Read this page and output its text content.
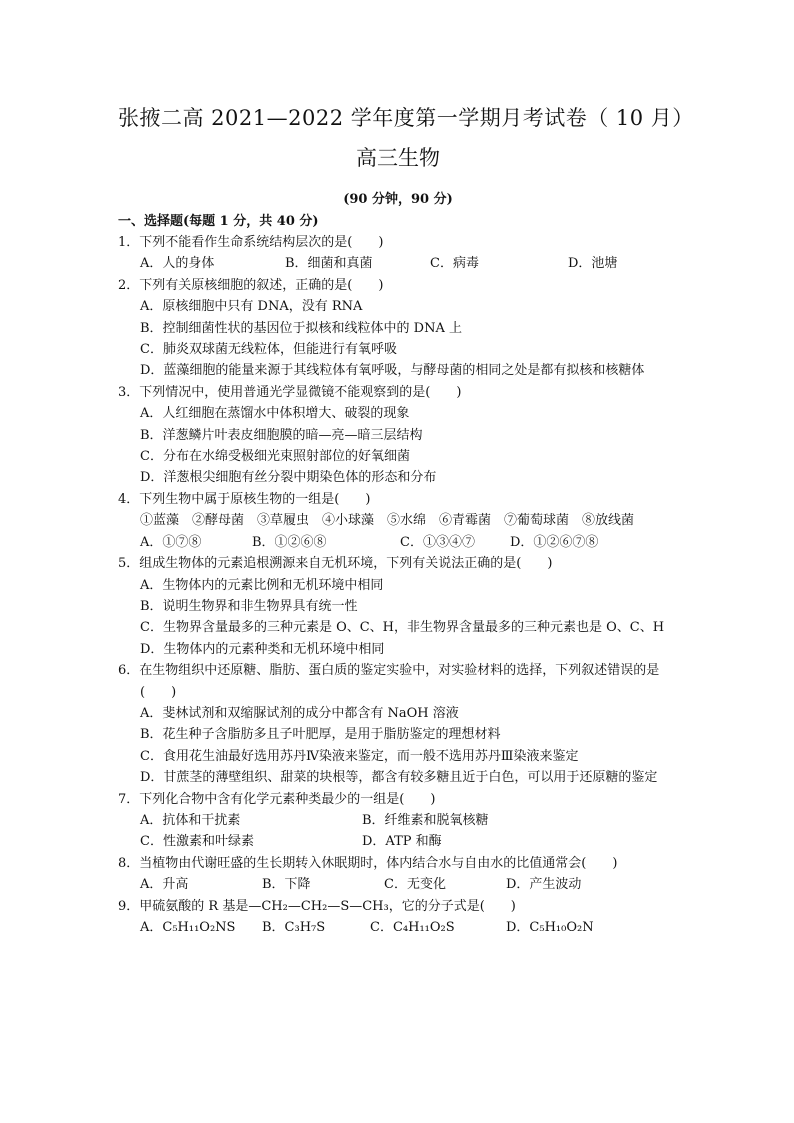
张掖二高 2021—2022 学年度第一学期月考试卷（ 10 月）
高三生物
(90 分钟，90 分)
一、选择题(每题 1 分，共 40 分)
1．下列不能看作生命系统结构层次的是(　　)
A．人的身体	B．细菌和真菌	C．病毒	D．池塘
2．下列有关原核细胞的叙述，正确的是(　　)
A．原核细胞中只有 DNA，没有 RNA
B．控制细菌性状的基因位于拟核和线粒体中的 DNA 上
C．肺炎双球菌无线粒体，但能进行有氧呼吸
D．蓝藻细胞的能量来源于其线粒体有氧呼吸，与酵母菌的相同之处是都有拟核和核糖体
3．下列情况中，使用普通光学显微镜不能观察到的是(　　)
A．人红细胞在蒸馏水中体积增大、破裂的现象
B．洋葱鳞片叶表皮细胞膜的暗—亮—暗三层结构
C．分布在水绵受极细光束照射部位的好氧细菌
D．洋葱根尖细胞有丝分裂中期染色体的形态和分布
4．下列生物中属于原核生物的一组是(　　)
①蓝藻　②酵母菌　③草履虫　④小球藻　⑤水绵　⑥青霉菌　⑦葡萄球菌　⑧放线菌
A．①⑦⑧	B．①②⑥⑧	C．①③④⑦	D．①②⑥⑦⑧
5．组成生物体的元素追根溯源来自无机环境，下列有关说法正确的是(　　)
A．生物体内的元素比例和无机环境中相同
B．说明生物界和非生物界具有统一性
C．生物界含量最多的三种元素是 O、C、H，非生物界含量最多的三种元素也是 O、C、H
D．生物体内的元素种类和无机环境中相同
6．在生物组织中还原糖、脂肪、蛋白质的鉴定实验中，对实验材料的选择，下列叙述错误的是
(　　)
A．斐林试剂和双缩脲试剂的成分中都含有 NaOH 溶液
B．花生种子含脂肪多且子叶肥厚，是用于脂肪鉴定的理想材料
C．食用花生油最好选用苏丹Ⅳ染液来鉴定，而一般不选用苏丹Ⅲ染液来鉴定
D．甘蔗茎的薄壁组织、甜菜的块根等，都含有较多糖且近于白色，可以用于还原糖的鉴定
7．下列化合物中含有化学元素种类最少的一组是(　　)
A．抗体和干扰素	B．纤维素和脱氧核糖
C．性激素和叶绿素	D．ATP 和酶
8．当植物由代谢旺盛的生长期转入休眠期时，体内结合水与自由水的比值通常会(　　)
A．升高	B．下降	C．无变化	D．产生波动
9．甲硫氨酸的 R 基是—CH₂—CH₂—S—CH₃，它的分子式是(　　)
A．C₅H₁₁O₂NS	B．C₃H₇S	C．C₄H₁₁O₂S	D．C₅H₁₀O₂N
